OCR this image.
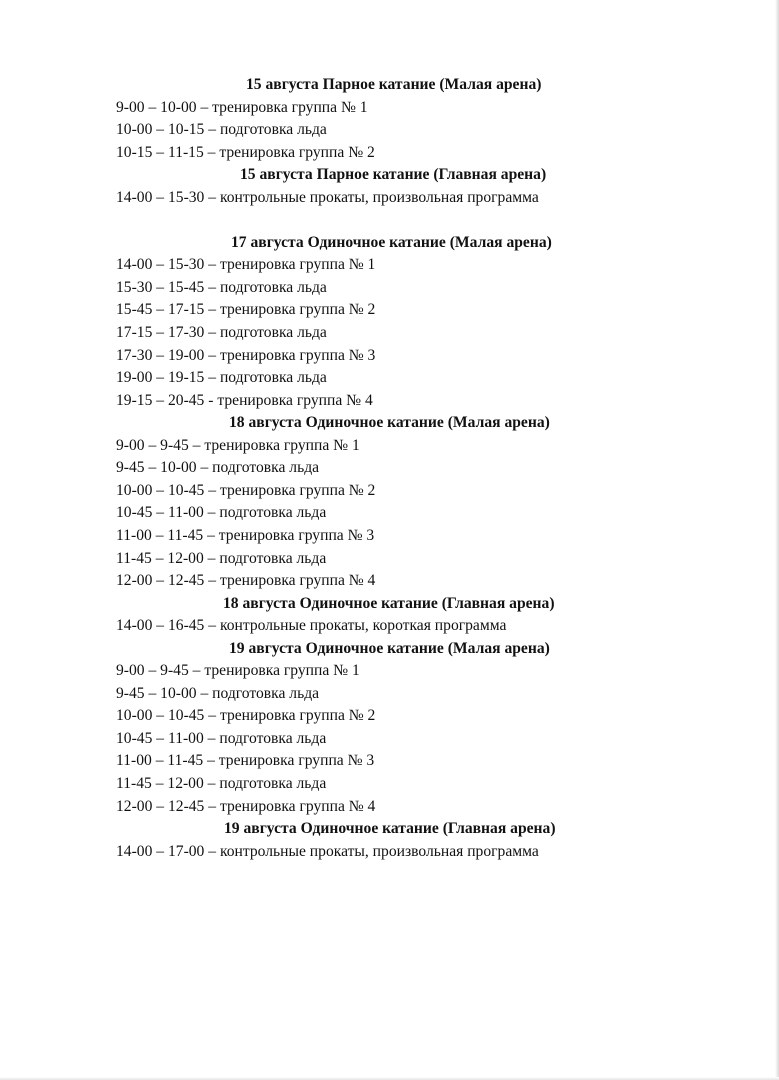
15 августа Парное катание (Малая арена)
9-00 – 10-00 – тренировка группа № 1
10-00 – 10-15 – подготовка льда
10-15 – 11-15 – тренировка группа № 2
15 августа Парное катание (Главная арена)
14-00 – 15-30 – контрольные прокаты, произвольная программа
17 августа Одиночное катание (Малая арена)
14-00 – 15-30 – тренировка группа № 1
15-30 – 15-45 – подготовка льда
15-45 – 17-15 – тренировка группа № 2
17-15 – 17-30 – подготовка льда
17-30 – 19-00 – тренировка группа № 3
19-00 – 19-15 – подготовка льда
19-15 – 20-45 - тренировка группа № 4
18 августа Одиночное катание (Малая арена)
9-00 – 9-45 – тренировка группа № 1
9-45 – 10-00 – подготовка льда
10-00 – 10-45 – тренировка группа № 2
10-45 – 11-00 – подготовка льда
11-00 – 11-45 – тренировка группа № 3
11-45 – 12-00 – подготовка льда
12-00 – 12-45 – тренировка группа № 4
18 августа Одиночное катание (Главная арена)
14-00 – 16-45 – контрольные прокаты, короткая программа
19 августа Одиночное катание (Малая арена)
9-00 – 9-45 – тренировка группа № 1
9-45 – 10-00 – подготовка льда
10-00 – 10-45 – тренировка группа № 2
10-45 – 11-00 – подготовка льда
11-00 – 11-45 – тренировка группа № 3
11-45 – 12-00 – подготовка льда
12-00 – 12-45 – тренировка группа № 4
19 августа Одиночное катание (Главная арена)
14-00 – 17-00 – контрольные прокаты, произвольная программа
